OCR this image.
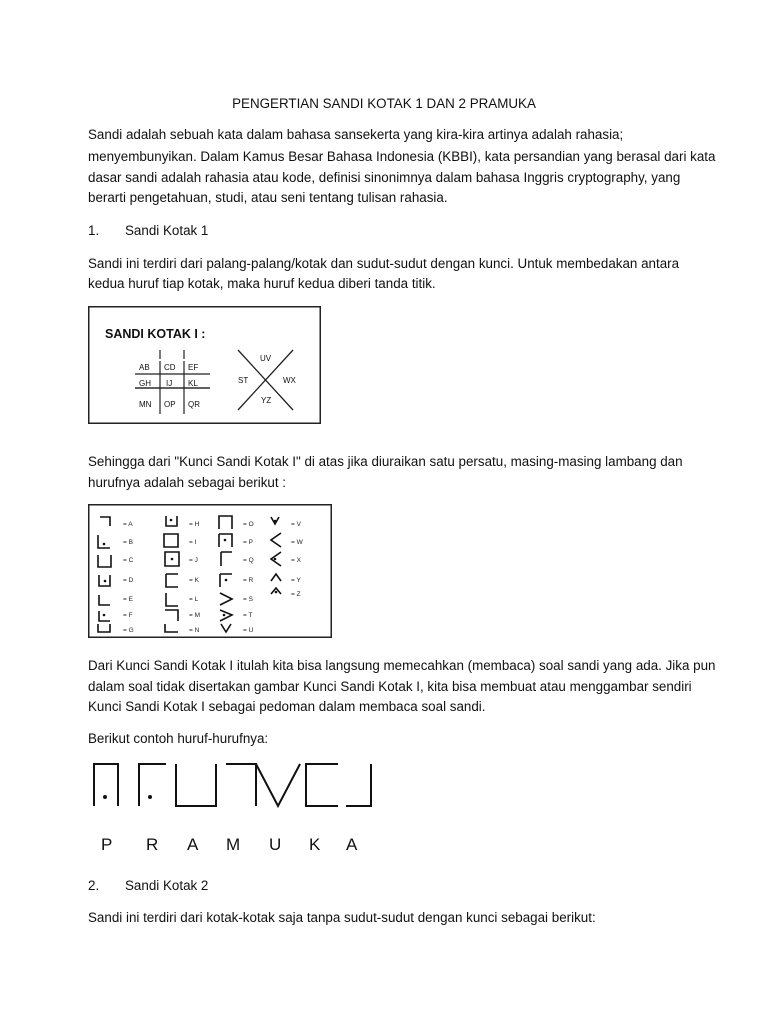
PENGERTIAN SANDI KOTAK 1 DAN 2 PRAMUKA
Sandi adalah sebuah kata dalam bahasa sansekerta yang kira-kira artinya adalah rahasia;
menyembunyikan. Dalam Kamus Besar Bahasa Indonesia (KBBI), kata persandian yang berasal dari kata
dasar sandi adalah rahasia atau kode, definisi sinonimnya dalam bahasa Inggris cryptography, yang
berarti pengetahuan, studi, atau seni tentang tulisan rahasia.
1. Sandi Kotak 1
Sandi ini terdiri dari palang-palang/kotak dan sudut-sudut dengan kunci. Untuk membedakan antara
kedua huruf tiap kotak, maka huruf kedua diberi tanda titik.
SANDI KOTAK I :
AB CD EF
GH IJ KL
MN OP QR
UV
ST	WX
YZ
Sehingga dari "Kunci Sandi Kotak I" di atas jika diuraikan satu persatu, masing-masing lambang dan
hurufnya adalah sebagai berikut :
= A
= B
= C
= D
= E
= F
= G
= H
= I
= J
= K
= L
= M
= N
= O
= P
= Q
= R
= S
= T
= U
= V
= W
= X
= Y
= Z
Dari Kunci Sandi Kotak I itulah kita bisa langsung memecahkan (membaca) soal sandi yang ada. Jika pun
dalam soal tidak disertakan gambar Kunci Sandi Kotak I, kita bisa membuat atau menggambar sendiri
Kunci Sandi Kotak I sebagai pedoman dalam membaca soal sandi.
Berikut contoh huruf-hurufnya:
P R A M U K A
2. Sandi Kotak 2
Sandi ini terdiri dari kotak-kotak saja tanpa sudut-sudut dengan kunci sebagai berikut:
